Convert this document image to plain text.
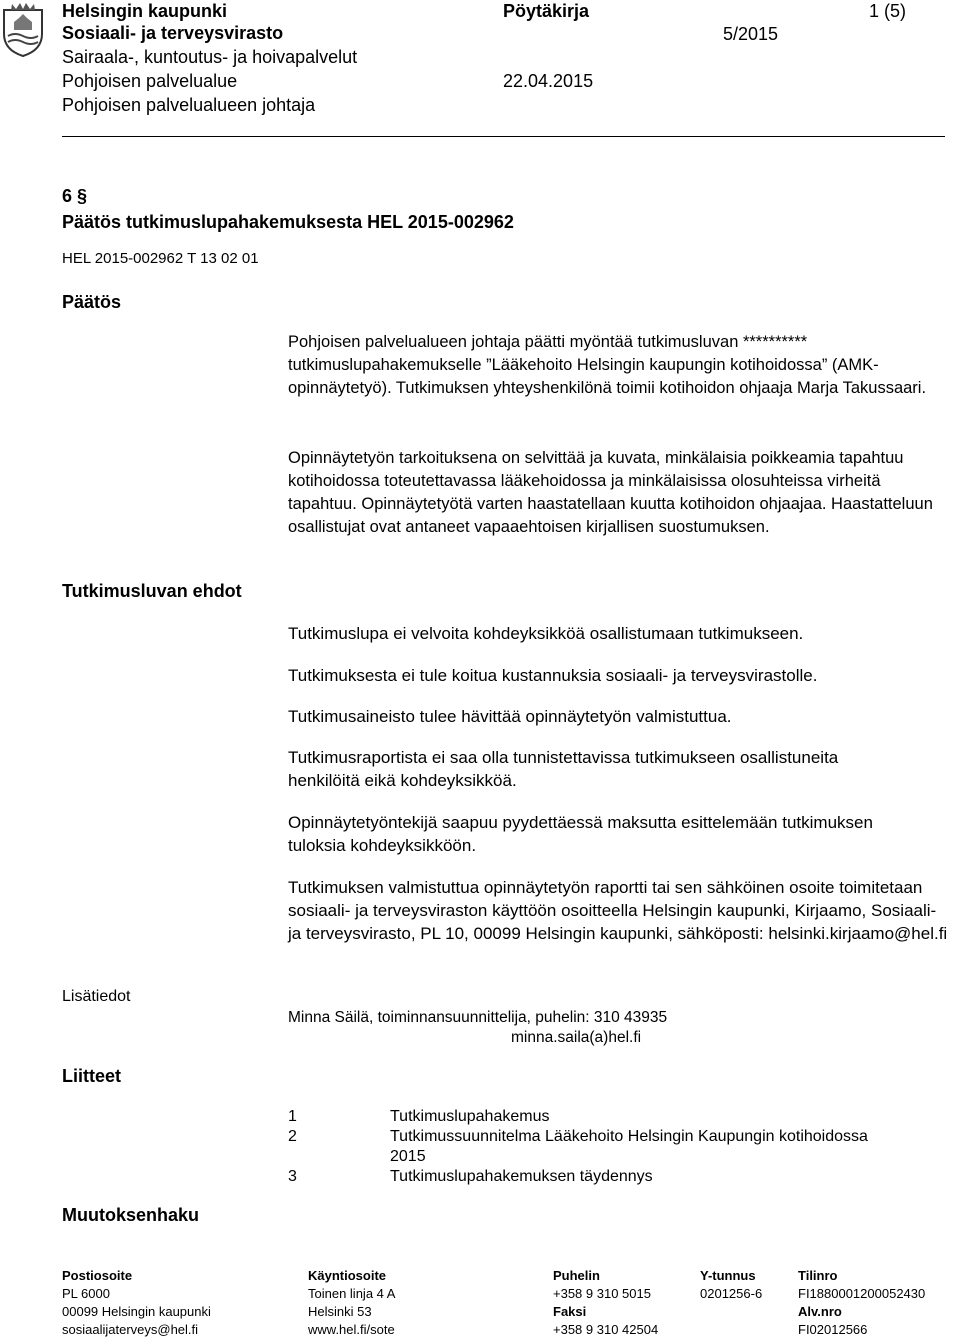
Helsingin kaupunki
Sosiaali- ja terveysvirasto
Sairaala-, kuntoutus- ja hoivapalvelut
Pohjoisen palvelualue
Pohjoisen palvelualueen johtaja
Pöytäkirja
5/2015
22.04.2015
1 (5)
6 §
Päätös tutkimuslupahakemuksesta HEL 2015-002962
HEL 2015-002962 T 13 02 01
Päätös
Tutkimusluvan ehdot
Lisätiedot
Liitteet
Muutoksenhaku

Pohjoisen palvelualueen johtaja päätti myöntää tutkimusluvan ********** tutkimuslupahakemukselle ”Lääkehoito Helsingin kaupungin kotihoidossa” (AMK- opinnäytetyö). Tutkimuksen yhteyshenkilönä toimii kotihoidon ohjaaja Marja Takussaari.

Opinnäytetyön tarkoituksena on selvittää ja kuvata, minkälaisia poikkeamia tapahtuu kotihoidossa toteutettavassa lääkehoidossa ja minkälaisissa olosuhteissa virheitä tapahtuu. Opinnäytetyötä varten haastatellaan kuutta kotihoidon ohjaajaa. Haastatteluun osallistujat ovat antaneet vapaaehtoisen kirjallisen suostumuksen.

Tutkimuslupa ei velvoita kohdeyksikköä osallistumaan tutkimukseen.
Tutkimuksesta ei tule koitua kustannuksia sosiaali- ja terveysvirastolle.
Tutkimusaineisto tulee hävittää opinnäytetyön valmistuttua.
Tutkimusraportista ei saa olla tunnistettavissa tutkimukseen osallistuneita henkilöitä eikä kohdeyksikköä.
Opinnäytetyöntekijä saapuu pyydettäessä maksutta esittelemään tutkimuksen tuloksia kohdeyksikköön.
Tutkimuksen valmistuttua opinnäytetyön raportti tai sen sähköinen osoite toimitetaan sosiaali- ja terveysviraston käyttöön osoitteella Helsingin kaupunki, Kirjaamo, Sosiaali- ja terveysvirasto, PL 10, 00099 Helsingin kaupunki, sähköposti: helsinki.kirjaamo@hel.fi
Minna Säilä, toiminnansuunnittelija, puhelin: 310 43935
minna.saila(a)hel.fi
1	Tutkimuslupahakemus
2	Tutkimussuunnitelma Lääkehoito Helsingin Kaupungin kotihoidossa
2015
3	Tutkimuslupahakemuksen täydennys
Postiosoite
PL 6000
00099 Helsingin kaupunki
sosiaalijaterveys@hel.fi
Käyntiosoite
Toinen linja 4 A
Helsinki 53
www.hel.fi/sote
Puhelin
+358 9 310 5015
Faksi
+358 9 310 42504
Y-tunnus
0201256-6
Tilinro
FI1880001200052430
Alv.nro
FI02012566
